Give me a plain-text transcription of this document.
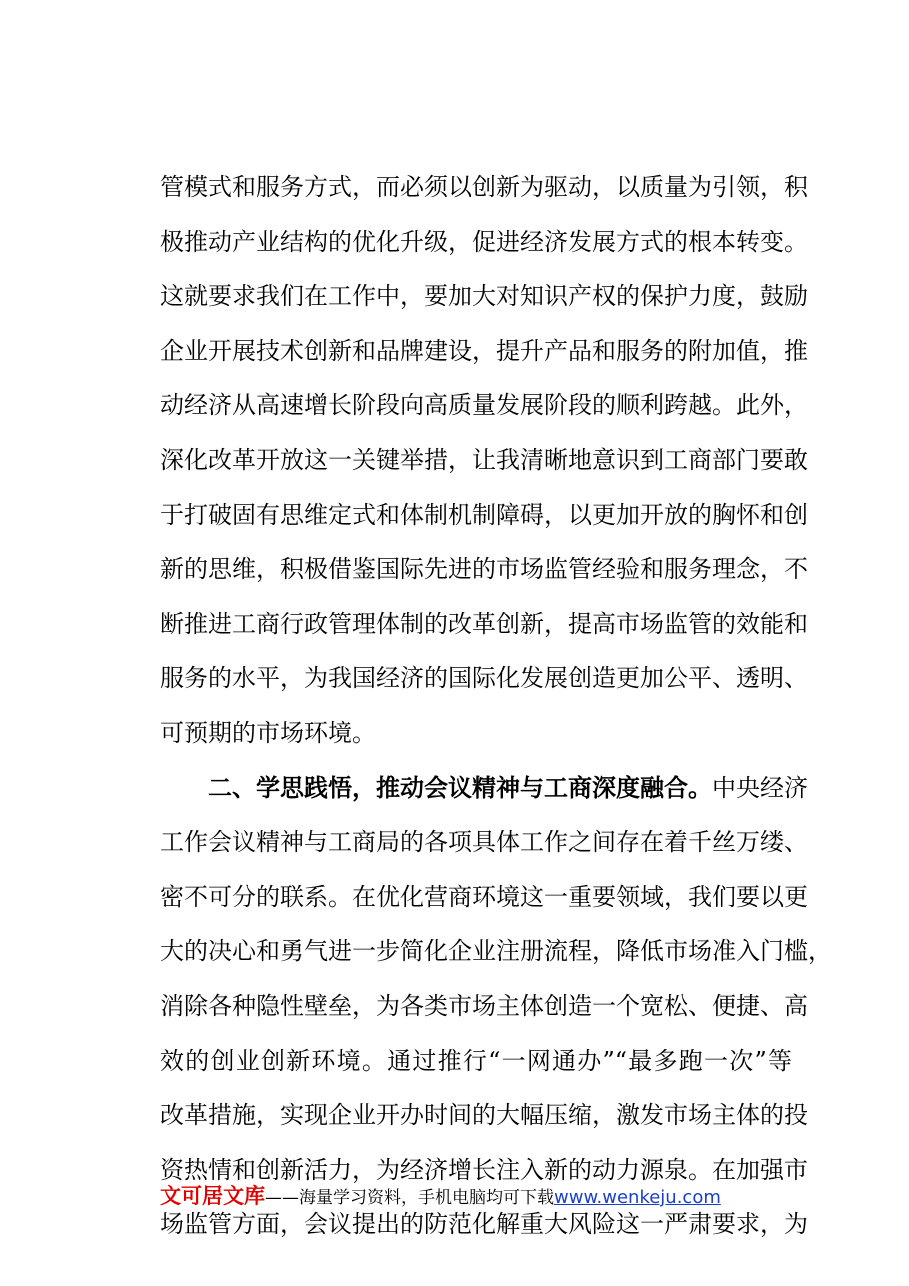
管模式和服务方式，而必须以创新为驱动，以质量为引领，积
极推动产业结构的优化升级，促进经济发展方式的根本转变。
这就要求我们在工作中，要加大对知识产权的保护力度，鼓励
企业开展技术创新和品牌建设，提升产品和服务的附加值，推
动经济从高速增长阶段向高质量发展阶段的顺利跨越。此外，
深化改革开放这一关键举措，让我清晰地意识到工商部门要敢
于打破固有思维定式和体制机制障碍，以更加开放的胸怀和创
新的思维，积极借鉴国际先进的市场监管经验和服务理念，不
断推进工商行政管理体制的改革创新，提高市场监管的效能和
服务的水平，为我国经济的国际化发展创造更加公平、透明、
可预期的市场环境。
二、学思践悟，推动会议精神与工商深度融合。中央经济
工作会议精神与工商局的各项具体工作之间存在着千丝万缕、
密不可分的联系。在优化营商环境这一重要领域，我们要以更
大的决心和勇气进一步简化企业注册流程，降低市场准入门槛，
消除各种隐性壁垒，为各类市场主体创造一个宽松、便捷、高
效的创业创新环境。通过推行“一网通办”“最多跑一次”等
改革措施，实现企业开办时间的大幅压缩，激发市场主体的投
资热情和创新活力，为经济增长注入新的动力源泉。在加强市
场监管方面，会议提出的防范化解重大风险这一严肃要求，为
文可居文库——海量学习资料，手机电脑均可下载www.wenkeju.com
